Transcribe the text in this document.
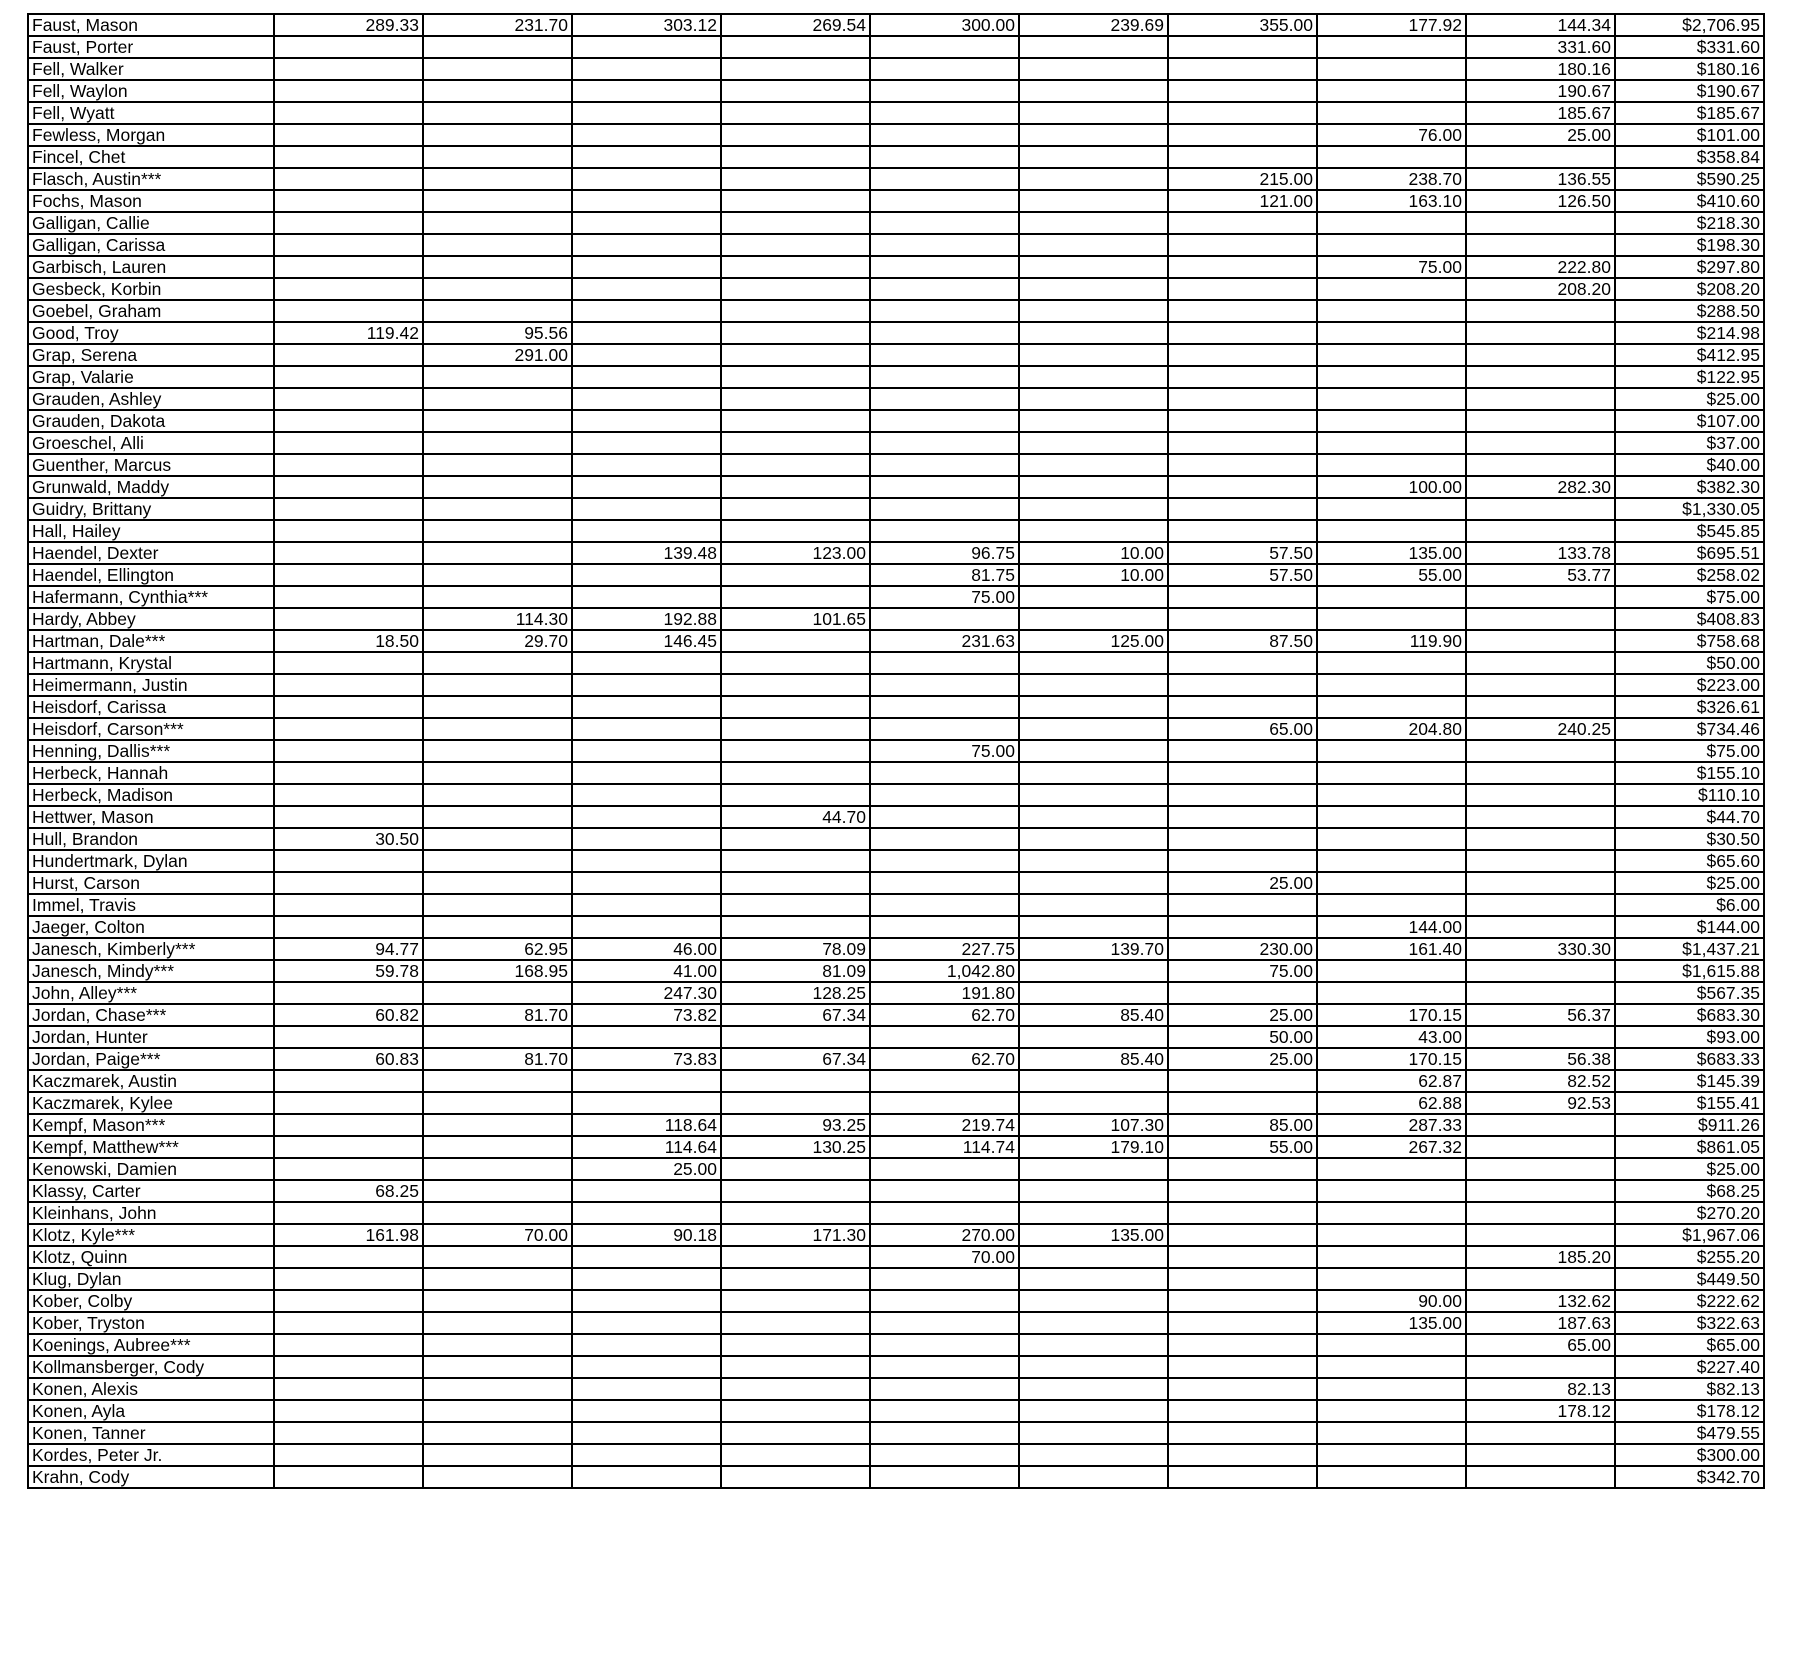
Faust, Mason	289.33	231.70	303.12	269.54	300.00	239.69	355.00	177.92	144.34	$2,706.95
Faust, Porter									331.60	$331.60
Fell, Walker									180.16	$180.16
Fell, Waylon									190.67	$190.67
Fell, Wyatt									185.67	$185.67
Fewless, Morgan								76.00	25.00	$101.00
Fincel, Chet										$358.84
Flasch, Austin***							215.00	238.70	136.55	$590.25
Fochs, Mason							121.00	163.10	126.50	$410.60
Galligan, Callie										$218.30
Galligan, Carissa										$198.30
Garbisch, Lauren								75.00	222.80	$297.80
Gesbeck, Korbin									208.20	$208.20
Goebel, Graham										$288.50
Good, Troy	119.42	95.56								$214.98
Grap, Serena		291.00								$412.95
Grap, Valarie										$122.95
Grauden, Ashley										$25.00
Grauden, Dakota										$107.00
Groeschel, Alli										$37.00
Guenther, Marcus										$40.00
Grunwald, Maddy								100.00	282.30	$382.30
Guidry, Brittany										$1,330.05
Hall, Hailey										$545.85
Haendel, Dexter			139.48	123.00	96.75	10.00	57.50	135.00	133.78	$695.51
Haendel, Ellington					81.75	10.00	57.50	55.00	53.77	$258.02
Hafermann, Cynthia***					75.00					$75.00
Hardy, Abbey		114.30	192.88	101.65						$408.83
Hartman, Dale***	18.50	29.70	146.45		231.63	125.00	87.50	119.90		$758.68
Hartmann, Krystal										$50.00
Heimermann, Justin										$223.00
Heisdorf, Carissa										$326.61
Heisdorf, Carson***							65.00	204.80	240.25	$734.46
Henning, Dallis***					75.00					$75.00
Herbeck, Hannah										$155.10
Herbeck, Madison										$110.10
Hettwer, Mason				44.70						$44.70
Hull, Brandon	30.50									$30.50
Hundertmark, Dylan										$65.60
Hurst, Carson							25.00			$25.00
Immel, Travis										$6.00
Jaeger, Colton								144.00		$144.00
Janesch, Kimberly***	94.77	62.95	46.00	78.09	227.75	139.70	230.00	161.40	330.30	$1,437.21
Janesch, Mindy***	59.78	168.95	41.00	81.09	1,042.80		75.00			$1,615.88
John, Alley***			247.30	128.25	191.80					$567.35
Jordan, Chase***	60.82	81.70	73.82	67.34	62.70	85.40	25.00	170.15	56.37	$683.30
Jordan, Hunter							50.00	43.00		$93.00
Jordan, Paige***	60.83	81.70	73.83	67.34	62.70	85.40	25.00	170.15	56.38	$683.33
Kaczmarek, Austin								62.87	82.52	$145.39
Kaczmarek, Kylee								62.88	92.53	$155.41
Kempf, Mason***			118.64	93.25	219.74	107.30	85.00	287.33		$911.26
Kempf, Matthew***			114.64	130.25	114.74	179.10	55.00	267.32		$861.05
Kenowski, Damien			25.00							$25.00
Klassy, Carter	68.25									$68.25
Kleinhans, John										$270.20
Klotz, Kyle***	161.98	70.00	90.18	171.30	270.00	135.00				$1,967.06
Klotz, Quinn					70.00				185.20	$255.20
Klug, Dylan										$449.50
Kober, Colby								90.00	132.62	$222.62
Kober, Tryston								135.00	187.63	$322.63
Koenings, Aubree***									65.00	$65.00
Kollmansberger, Cody										$227.40
Konen, Alexis									82.13	$82.13
Konen, Ayla									178.12	$178.12
Konen, Tanner										$479.55
Kordes, Peter Jr.										$300.00
Krahn, Cody										$342.70
